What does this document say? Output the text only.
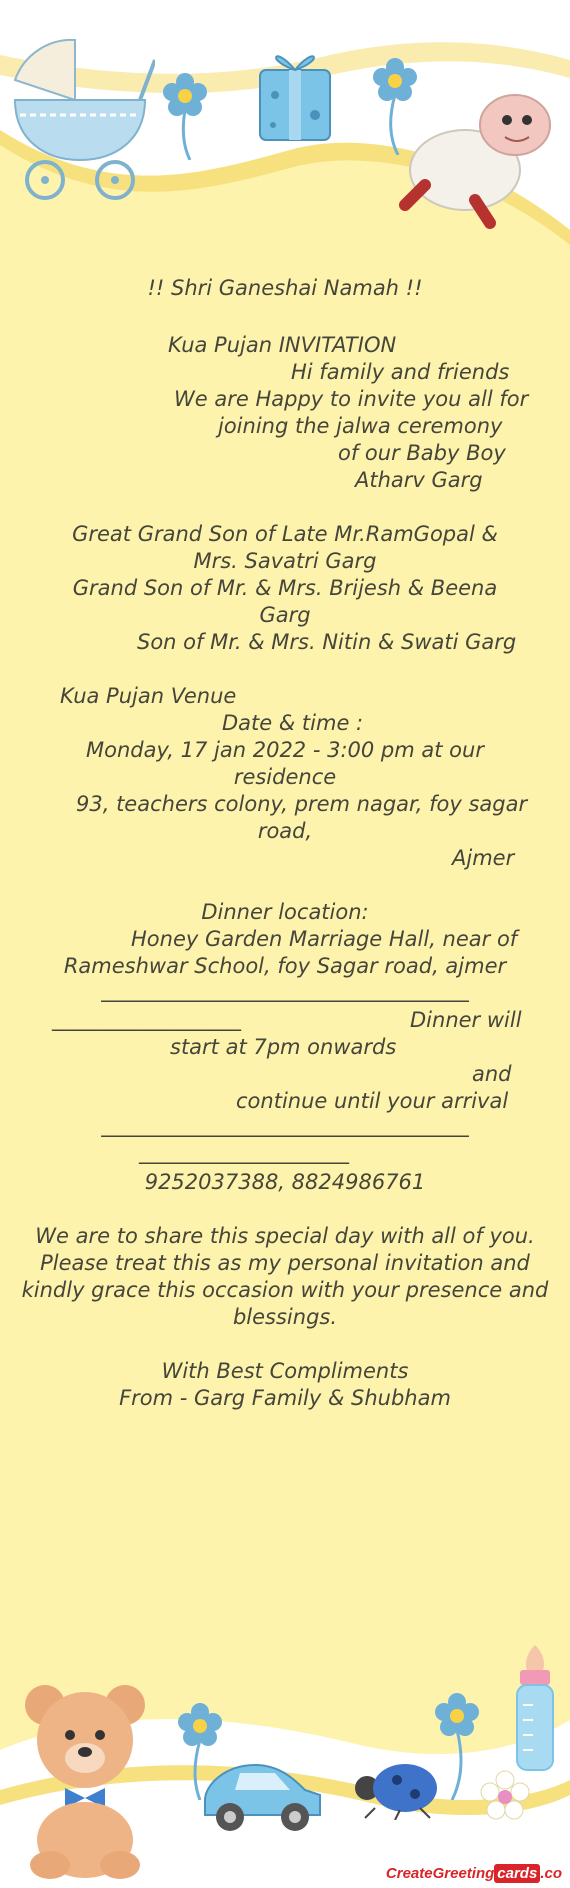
!! Shri Ganeshai Namah !!
Kua Pujan INVITATION
Hi family and friends
We are Happy to invite you all for
joining the jalwa ceremony
of our Baby Boy
Atharv Garg
Great Grand Son of Late Mr.RamGopal &
Mrs. Savatri Garg
Grand Son of Mr. & Mrs. Brijesh & Beena
Garg
Son of Mr. & Mrs. Nitin & Swati Garg
Kua Pujan Venue
Date & time :
Monday, 17 jan 2022 - 3:00 pm at our
residence
93, teachers colony, prem nagar, foy sagar
road,
Ajmer
Dinner location:
Honey Garden Marriage Hall, near of
Rameshwar School, foy Sagar road, ajmer
___________________________________
__________________	Dinner will
start at 7pm onwards
and
continue until your arrival
___________________________________
____________________
9252037388, 8824986761
We are to share this special day with all of you.
Please treat this as my personal invitation and
kindly grace this occasion with your presence and
blessings.
With Best Compliments
From - Garg Family & Shubham
CreateGreeting cards .co
